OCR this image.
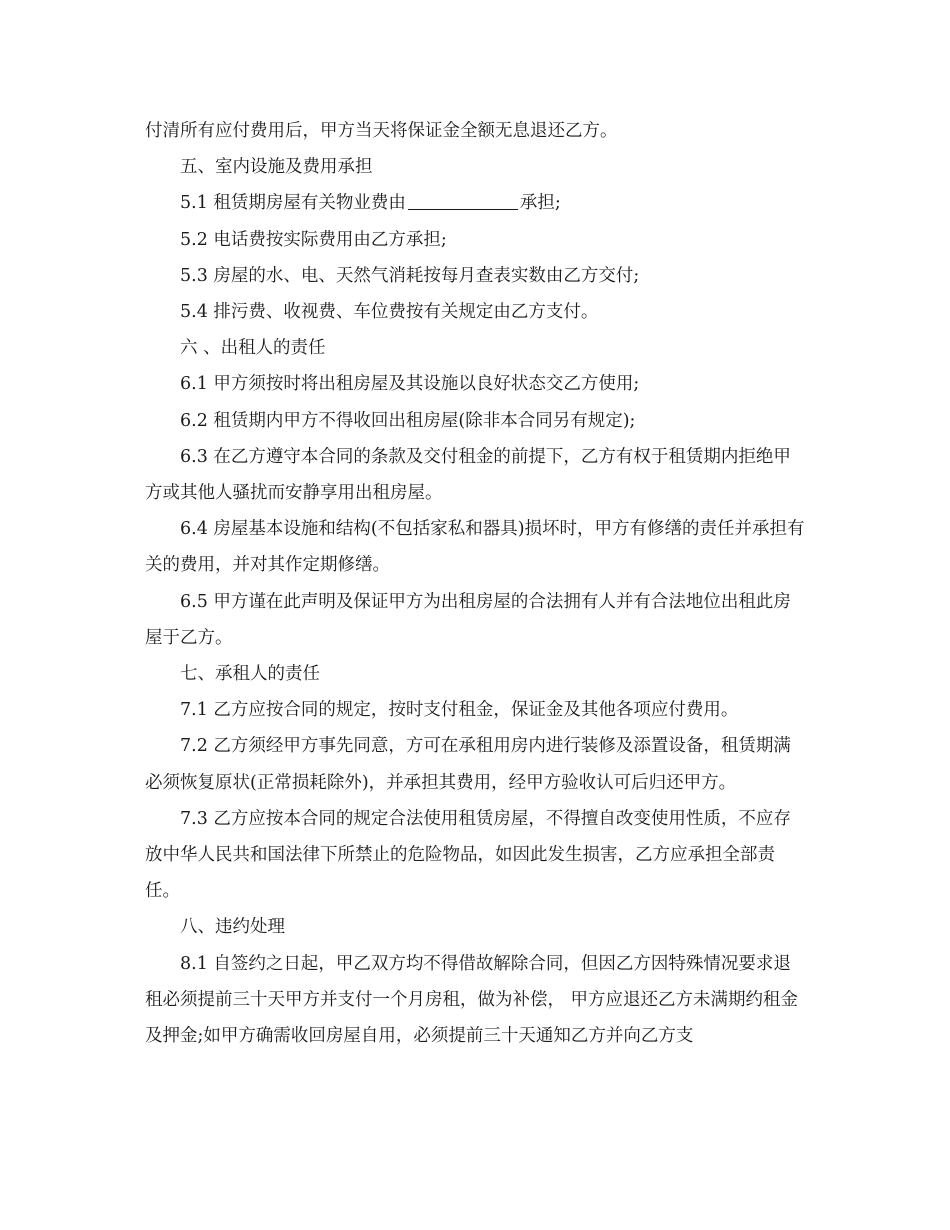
付清所有应付费用后，甲方当天将保证金全额无息退还乙方。

五、室内设施及费用承担

5.1 租赁期房屋有关物业费由	承担;

5.2 电话费按实际费用由乙方承担;

5.3 房屋的水、电、天然气消耗按每月查表实数由乙方交付;

5.4 排污费、收视费、车位费按有关规定由乙方支付。

六 、出租人的责任

6.1 甲方须按时将出租房屋及其设施以良好状态交乙方使用;

6.2 租赁期内甲方不得收回出租房屋(除非本合同另有规定);

6.3 在乙方遵守本合同的条款及交付租金的前提下，乙方有权于租赁期内拒绝甲方或其他人骚扰而安静享用出租房屋。

6.4 房屋基本设施和结构(不包括家私和器具)损坏时，甲方有修缮的责任并承担有关的费用，并对其作定期修缮。

6.5 甲方谨在此声明及保证甲方为出租房屋的合法拥有人并有合法地位出租此房屋于乙方。

七、承租人的责任

7.1 乙方应按合同的规定，按时支付租金，保证金及其他各项应付费用。

7.2 乙方须经甲方事先同意，方可在承租用房内进行装修及添置设备，租赁期满必须恢复原状(正常损耗除外)，并承担其费用，经甲方验收认可后归还甲方。

7.3 乙方应按本合同的规定合法使用租赁房屋，不得擅自改变使用性质，不应存放中华人民共和国法律下所禁止的危险物品，如因此发生损害，乙方应承担全部责任。

八、违约处理

8.1 自签约之日起，甲乙双方均不得借故解除合同，但因乙方因特殊情况要求退租必须提前三十天甲方并支付一个月房租，做为补偿， 甲方应退还乙方未满期约租金及押金;如甲方确需收回房屋自用，必须提前三十天通知乙方并向乙方支
